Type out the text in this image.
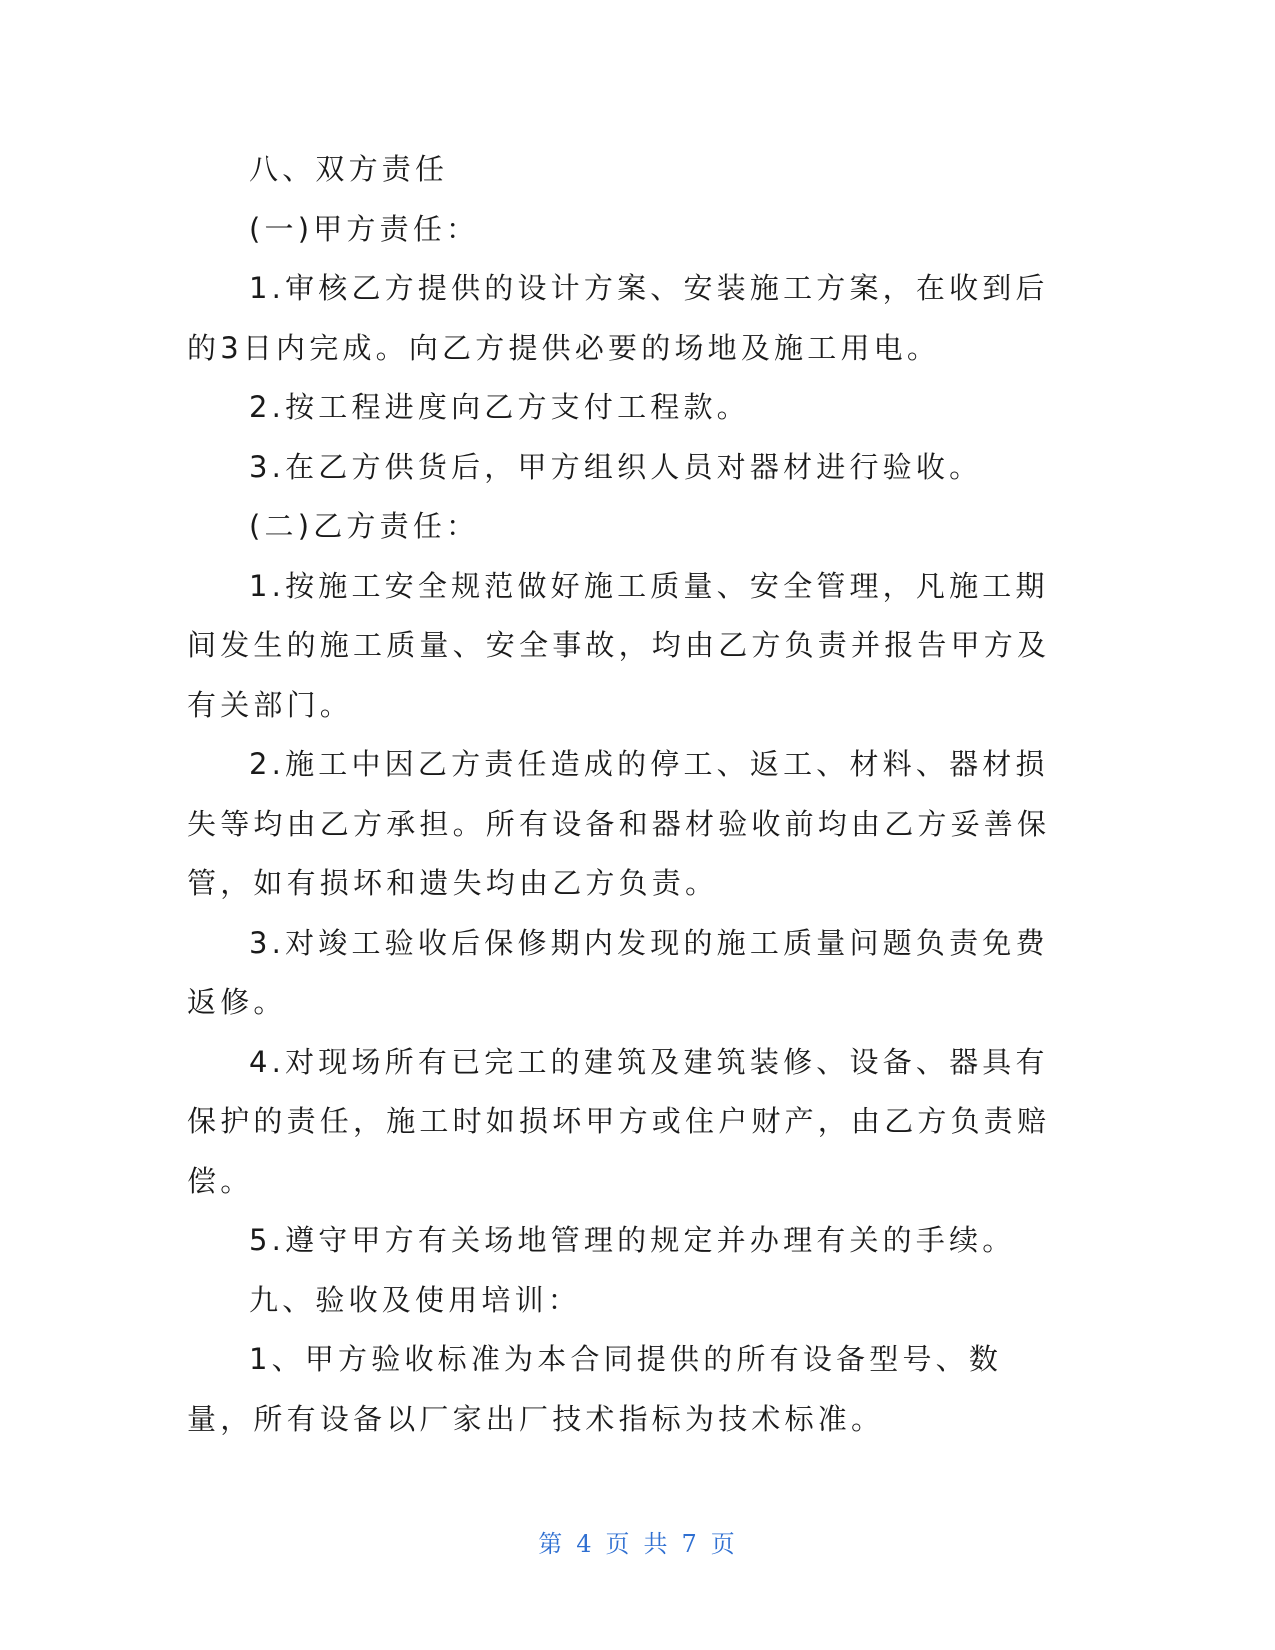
八、双方责任

(一)甲方责任：

1.审核乙方提供的设计方案、安装施工方案，在收到后的3日内完成。向乙方提供必要的场地及施工用电。

2.按工程进度向乙方支付工程款。

3.在乙方供货后，甲方组织人员对器材进行验收。

(二)乙方责任：

1.按施工安全规范做好施工质量、安全管理，凡施工期间发生的施工质量、安全事故，均由乙方负责并报告甲方及有关部门。

2.施工中因乙方责任造成的停工、返工、材料、器材损失等均由乙方承担。所有设备和器材验收前均由乙方妥善保管，如有损坏和遗失均由乙方负责。

3.对竣工验收后保修期内发现的施工质量问题负责免费返修。

4.对现场所有已完工的建筑及建筑装修、设备、器具有保护的责任，施工时如损坏甲方或住户财产，由乙方负责赔偿。

5.遵守甲方有关场地管理的规定并办理有关的手续。

九、验收及使用培训：

1、甲方验收标准为本合同提供的所有设备型号、数量，所有设备以厂家出厂技术指标为技术标准。

第 4 页 共 7 页
